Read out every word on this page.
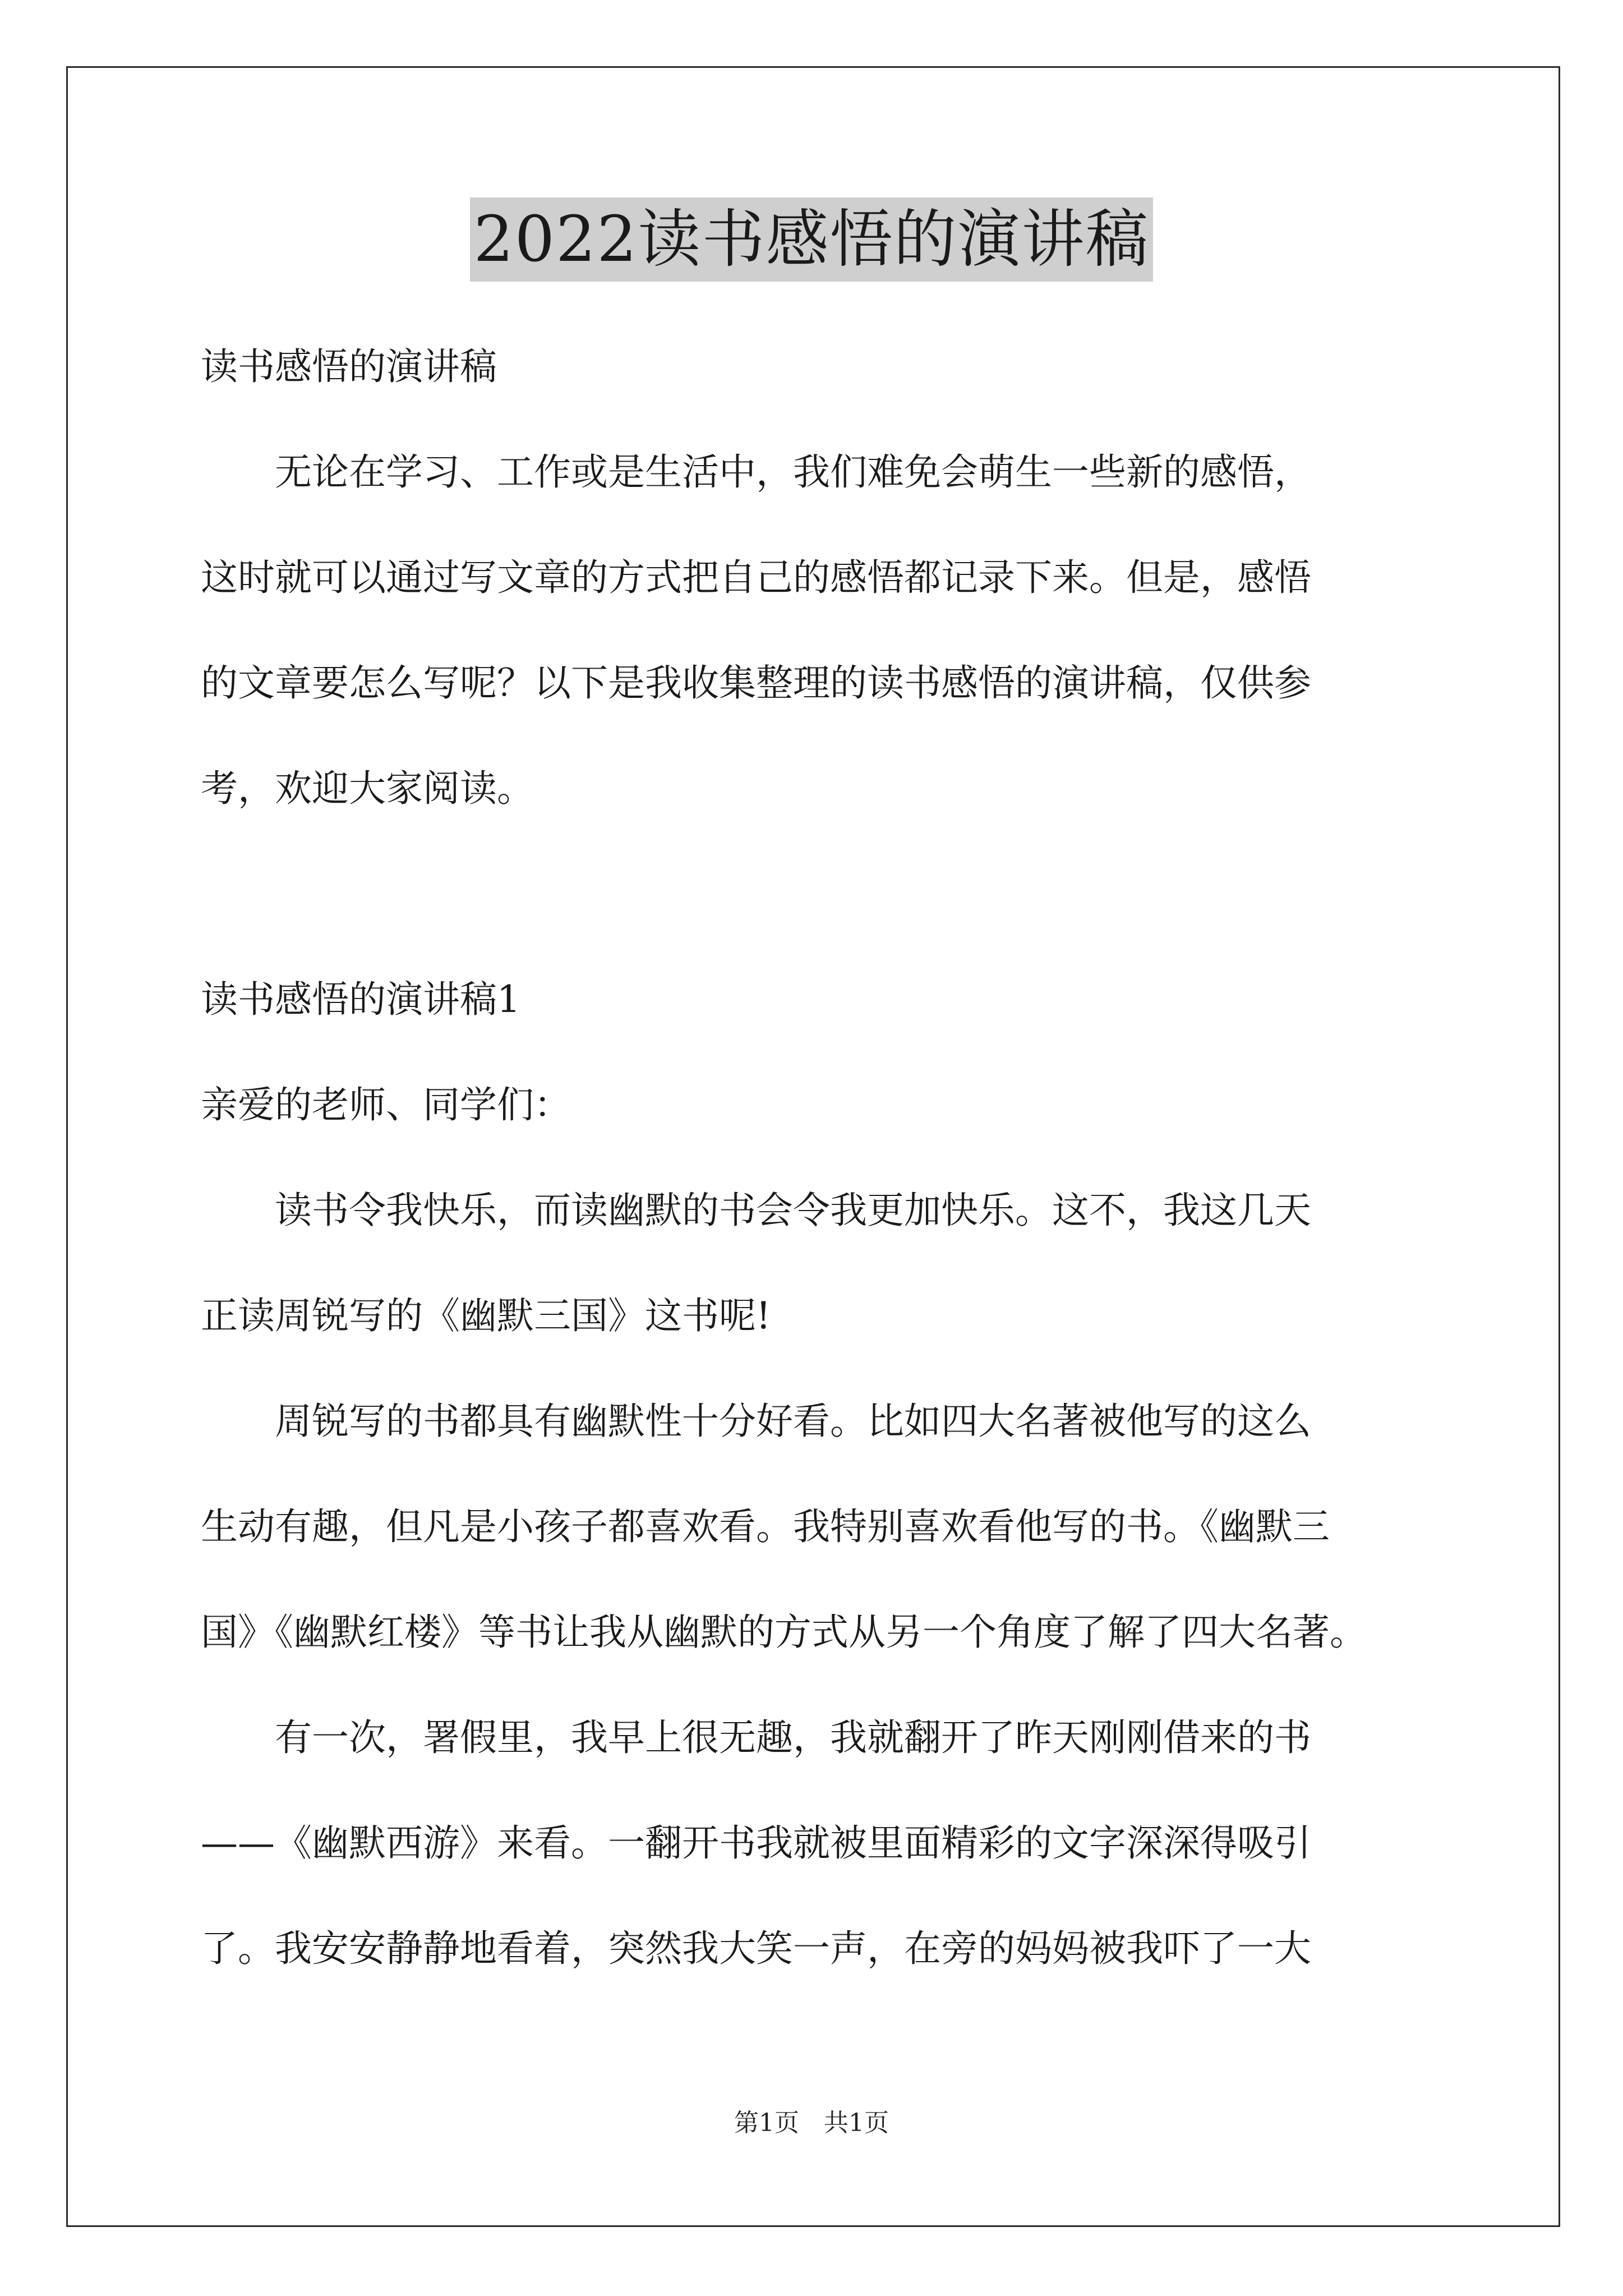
2022读书感悟的演讲稿
读书感悟的演讲稿
　　无论在学习、工作或是生活中，我们难免会萌生一些新的感悟，
这时就可以通过写文章的方式把自己的感悟都记录下来。但是，感悟
的文章要怎么写呢？以下是我收集整理的读书感悟的演讲稿，仅供参
考，欢迎大家阅读。
读书感悟的演讲稿1
亲爱的老师、同学们：
　　读书令我快乐，而读幽默的书会令我更加快乐。这不，我这几天
正读周锐写的《幽默三国》这书呢!
　　周锐写的书都具有幽默性十分好看。比如四大名著被他写的这么
生动有趣，但凡是小孩子都喜欢看。我特别喜欢看他写的书。《幽默三
国》《幽默红楼》等书让我从幽默的方式从另一个角度了解了四大名著。
　　有一次，署假里，我早上很无趣，我就翻开了昨天刚刚借来的书
——《幽默西游》来看。一翻开书我就被里面精彩的文字深深得吸引
了。我安安静静地看着，突然我大笑一声，在旁的妈妈被我吓了一大
第1页　共1页
